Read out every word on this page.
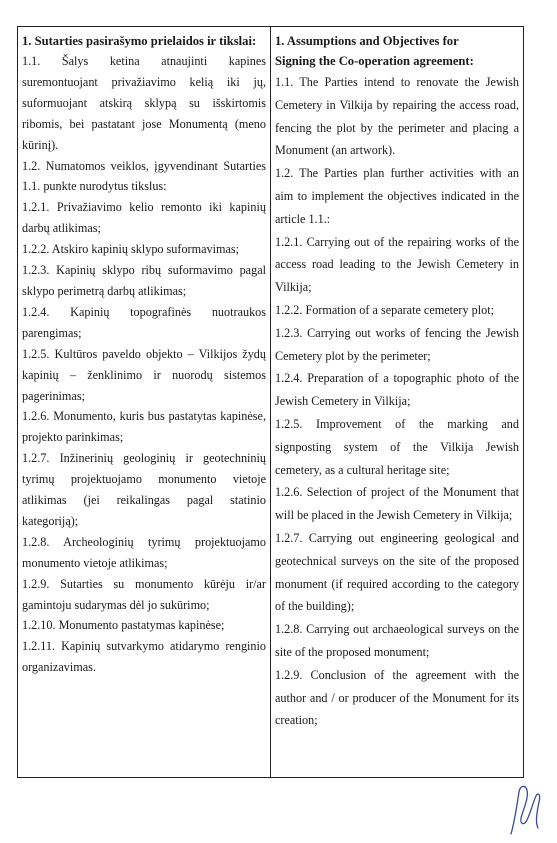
1. Sutarties pasirašymo prielaidos ir tikslai:

1.1. Šalys ketina atnaujinti kapines suremontuojant privažiavimo kelią iki jų, suformuojant atskirą sklypą su išskirtomis ribomis, bei pastatant jose Monumentą (meno kūrinį).

1.2. Numatomos veiklos, įgyvendinant Sutarties 1.1. punkte nurodytus tikslus:

1.2.1. Privažiavimo kelio remonto iki kapinių darbų atlikimas;

1.2.2. Atskiro kapinių sklypo suformavimas;

1.2.3. Kapinių sklypo ribų suformavimo pagal sklypo perimetrą darbų atlikimas;

1.2.4. Kapinių topografinės nuotraukos parengimas;

1.2.5. Kultūros paveldo objekto – Vilkijos žydų kapinių – ženklinimo ir nuorodų sistemos pagerinimas;

1.2.6. Monumento, kuris bus pastatytas kapinėse, projekto parinkimas;

1.2.7. Inžinerinių geologinių ir geotechninių tyrimų projektuojamo monumento vietoje atlikimas (jei reikalingas pagal statinio kategoriją);

1.2.8. Archeologinių tyrimų projektuojamo monumento vietoje atlikimas;

1.2.9. Sutarties su monumento kūrėju ir/ar gamintoju sudarymas dėl jo sukūrimo;

1.2.10. Monumento pastatymas kapinėse;

1.2.11. Kapinių sutvarkymo atidarymo renginio organizavimas.

1. Assumptions and Objectives for
Signing the Co-operation agreement:

1.1. The Parties intend to renovate the Jewish Cemetery in Vilkija by repairing the access road, fencing the plot by the perimeter and placing a Monument (an artwork).

1.2. The Parties plan further activities with an aim to implement the objectives indicated in the article 1.1.:

1.2.1. Carrying out of the repairing works of the access road leading to the Jewish Cemetery in Vilkija;

1.2.2. Formation of a separate cemetery plot;

1.2.3. Carrying out works of fencing the Jewish Cemetery plot by the perimeter;

1.2.4. Preparation of a topographic photo of the Jewish Cemetery in Vilkija;

1.2.5. Improvement of the marking and signposting system of the Vilkija Jewish cemetery, as a cultural heritage site;

1.2.6. Selection of project of the Monument that will be placed in the Jewish Cemetery in Vilkija;

1.2.7. Carrying out engineering geological and geotechnical surveys on the site of the proposed monument (if required according to the category of the building);

1.2.8. Carrying out archaeological surveys on the site of the proposed monument;

1.2.9. Conclusion of the agreement with the author and / or producer of the Monument for its creation;
